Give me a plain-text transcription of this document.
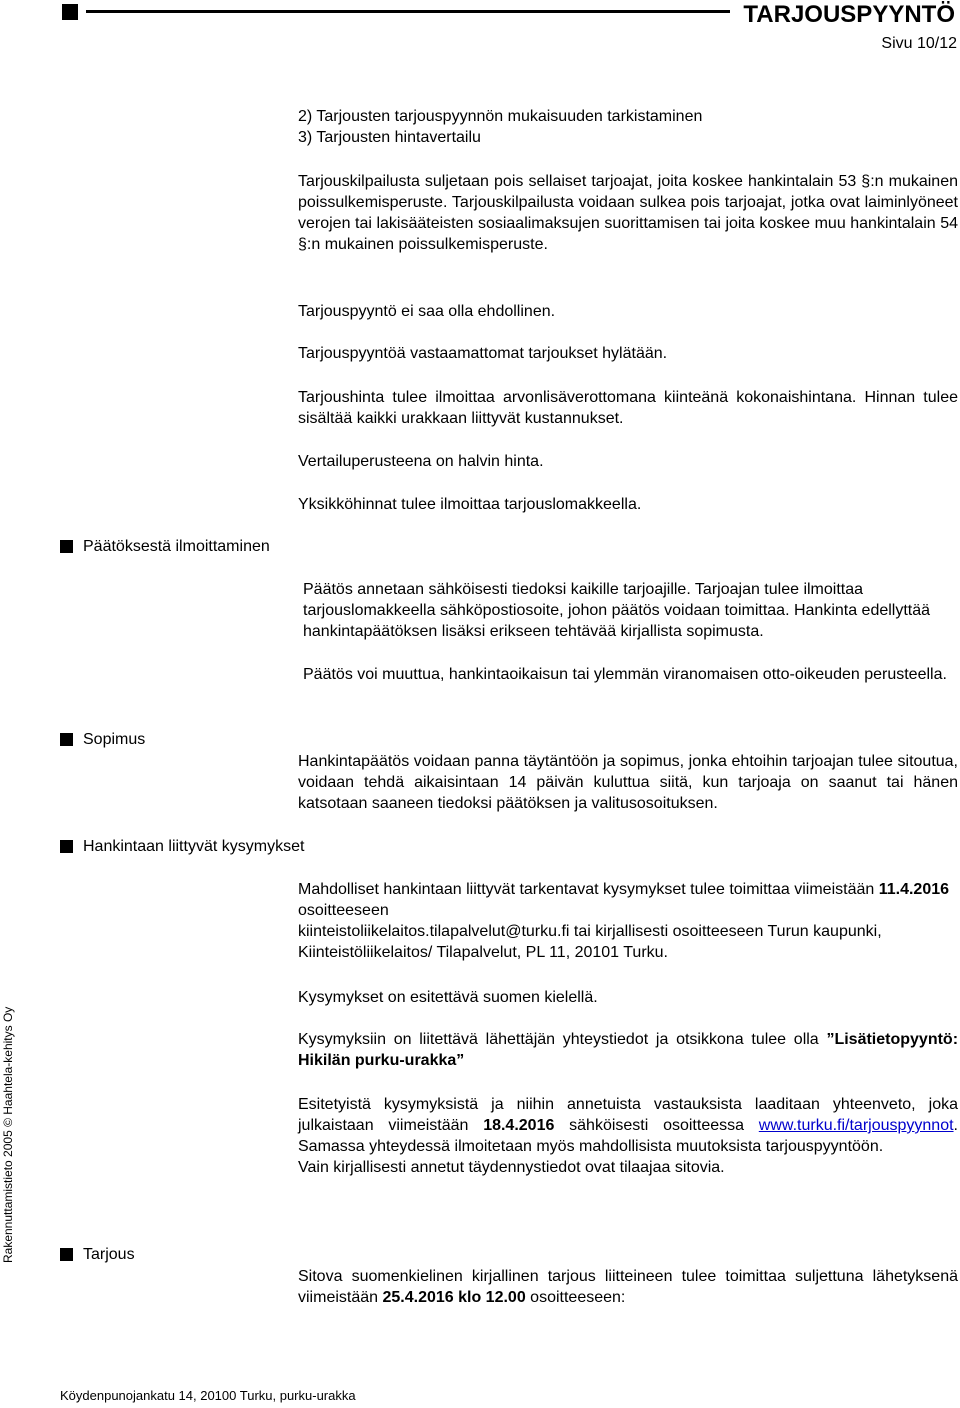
TARJOUSPYYNTÖ
Sivu 10/12
2) Tarjousten tarjouspyynnön mukaisuuden tarkistaminen
3) Tarjousten hintavertailu
Tarjouskilpailusta suljetaan pois sellaiset tarjoajat, joita koskee hankintalain 53 §:n mukainen poissulkemisperuste. Tarjouskilpailusta voidaan sulkea pois tarjoajat, jotka ovat laiminlyöneet verojen tai lakisääteisten sosiaalimaksujen suorittamisen tai joita koskee muu hankintalain 54 §:n mukainen poissulkemisperuste.
Tarjouspyyntö ei saa olla ehdollinen.
Tarjouspyyntöä vastaamattomat tarjoukset hylätään.
Tarjoushinta tulee ilmoittaa arvonlisäverottomana kiinteänä kokonaishintana. Hinnan tulee sisältää kaikki urakkaan liittyvät kustannukset.
Vertailuperusteena on halvin hinta.
Yksikköhinnat tulee ilmoittaa tarjouslomakkeella.
Päätöksestä ilmoittaminen
Päätös annetaan sähköisesti tiedoksi kaikille tarjoajille. Tarjoajan tulee ilmoittaa tarjouslomakkeella sähköpostiosoite, johon päätös voidaan toimittaa. Hankinta edellyttää hankintapäätöksen lisäksi erikseen tehtävää kirjallista sopimusta.
Päätös voi muuttua, hankintaoikaisun tai ylemmän viranomaisen otto-oikeuden perusteella.
Sopimus
Hankintapäätös voidaan panna täytäntöön ja sopimus, jonka ehtoihin tarjoajan tulee sitoutua, voidaan tehdä aikaisintaan 14 päivän kuluttua siitä, kun tarjoaja on saanut tai hänen katsotaan saaneen tiedoksi päätöksen ja valitusosoituksen.
Hankintaan liittyvät kysymykset
Mahdolliset hankintaan liittyvät tarkentavat kysymykset tulee toimittaa viimeistään 11.4.2016 osoitteeseen
kiinteistoliikelaitos.tilapalvelut@turku.fi tai kirjallisesti osoitteeseen Turun kaupunki, Kiinteistöliikelaitos/ Tilapalvelut, PL 11, 20101 Turku.
Kysymykset on esitettävä suomen kielellä.
Kysymyksiin on liitettävä lähettäjän yhteystiedot ja otsikkona tulee olla ”Lisätietopyyntö: Hikilän purku-urakka”
Esitetyistä kysymyksistä ja niihin annetuista vastauksista laaditaan yhteenveto, joka julkaistaan viimeistään 18.4.2016 sähköisesti osoitteessa www.turku.fi/tarjouspyynnot. Samassa yhteydessä ilmoitetaan myös mahdollisista muutoksista tarjouspyyntöön.
Vain kirjallisesti annetut täydennystiedot ovat tilaajaa sitovia.
Tarjous
Sitova suomenkielinen kirjallinen tarjous liitteineen tulee toimittaa suljettuna lähetyksenä viimeistään 25.4.2016 klo 12.00 osoitteeseen:
Rakennuttamistieto 2005 © Haahtela-kehitys Oy
Köydenpunojankatu 14, 20100 Turku, purku-urakka
